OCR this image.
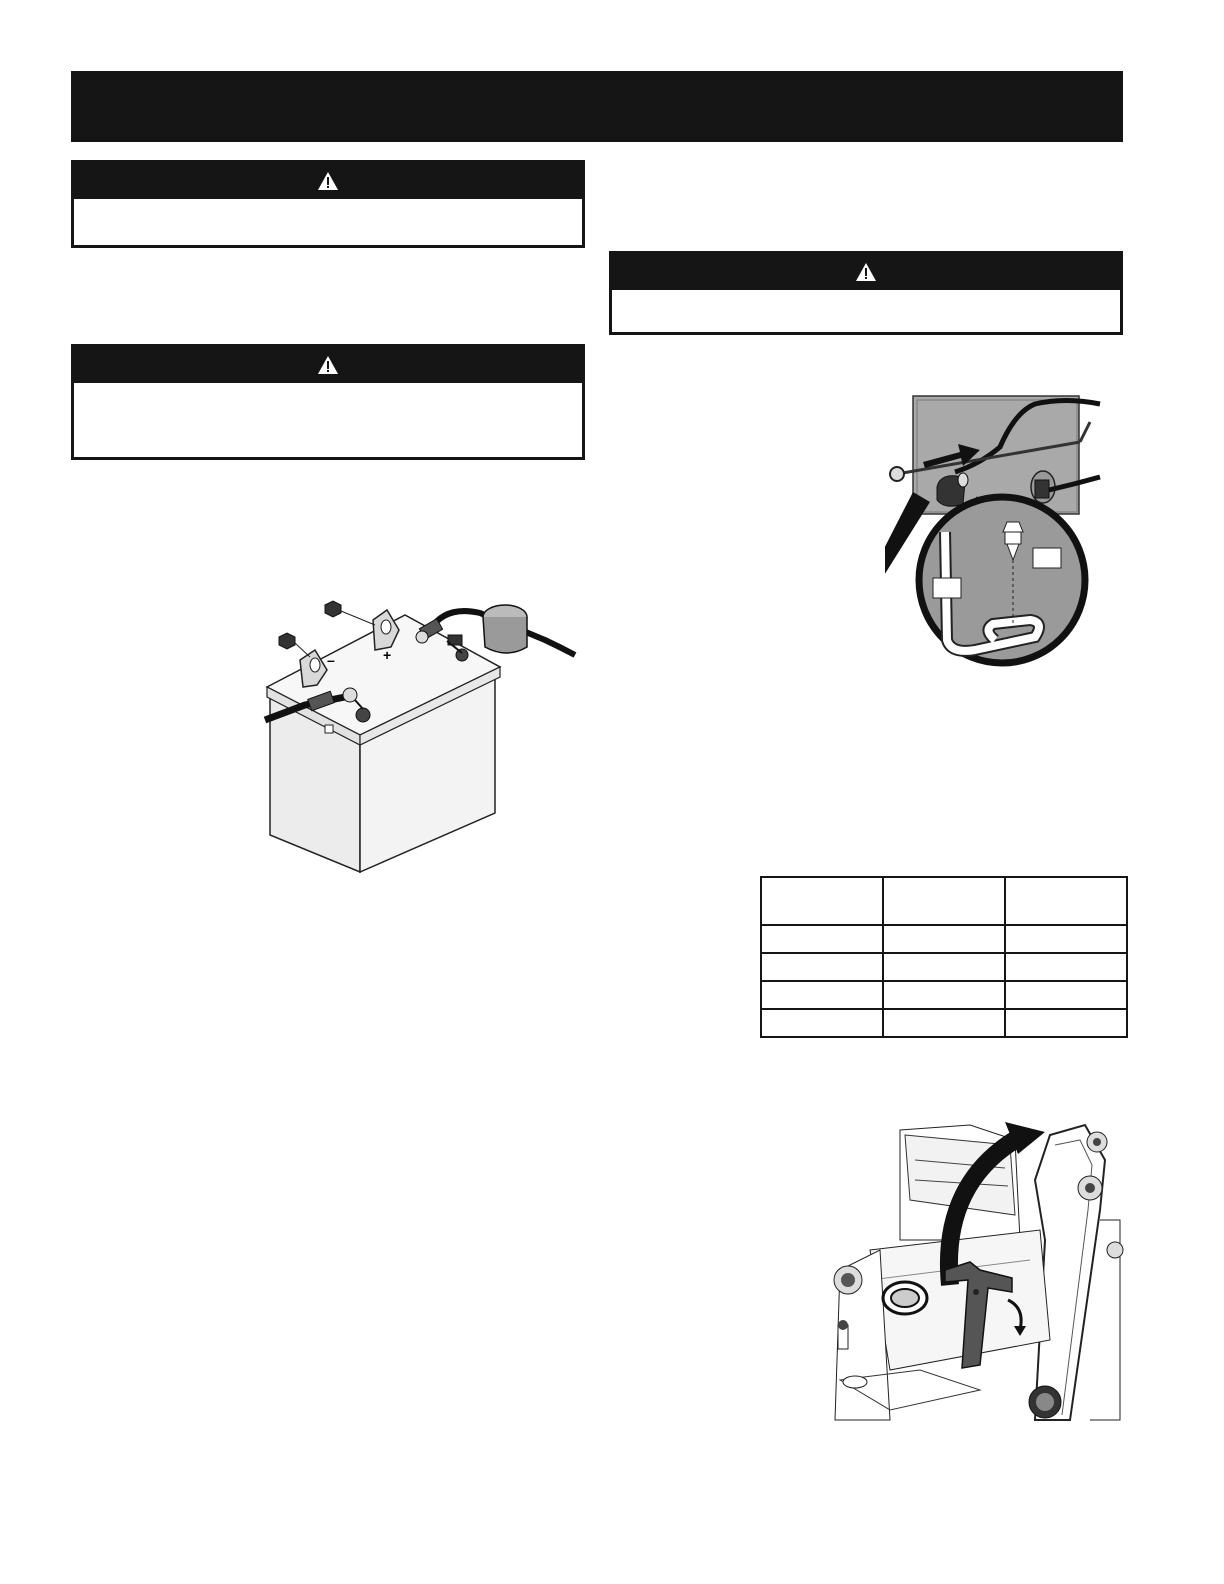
–	+
